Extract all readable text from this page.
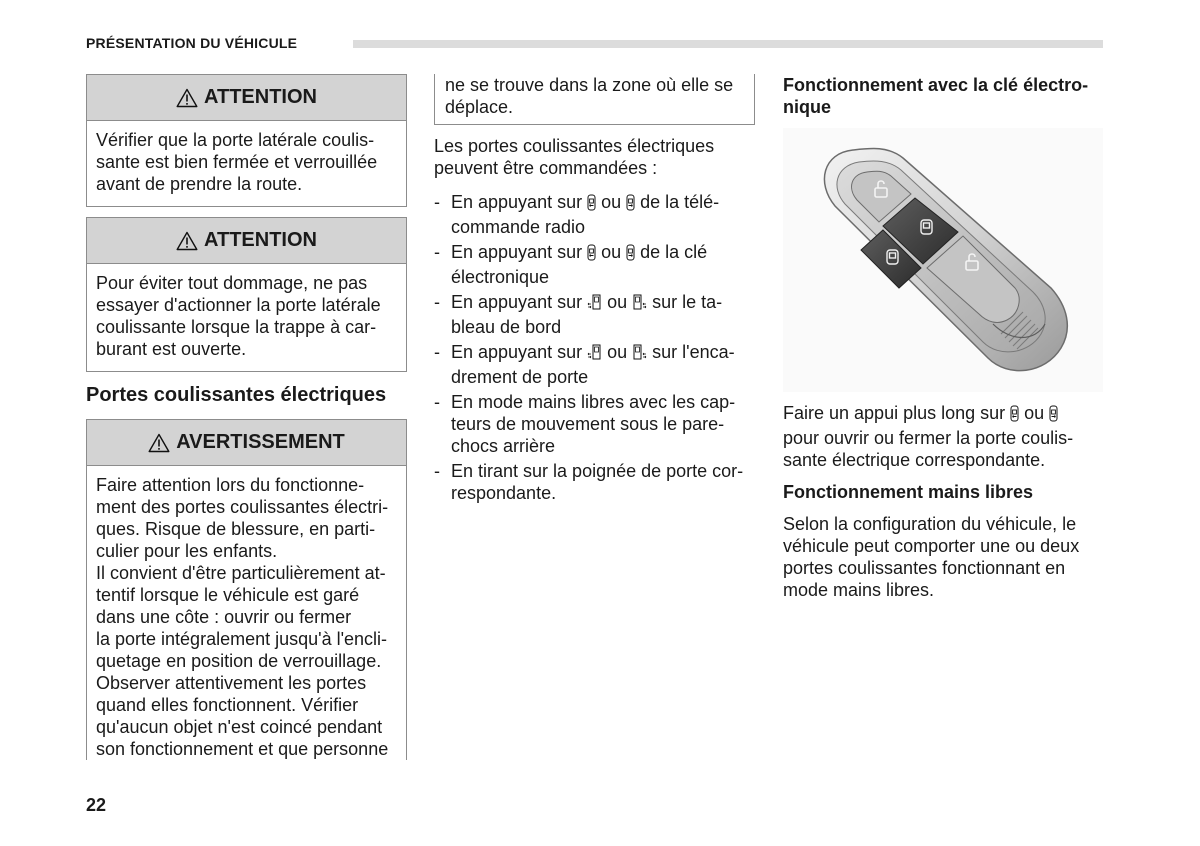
PRÉSENTATION DU VÉHICULE
ATTENTION
Vérifier que la porte latérale coulis-
sante est bien fermée et verrouillée
avant de prendre la route.
ATTENTION
Pour éviter tout dommage, ne pas
essayer d'actionner la porte latérale
coulissante lorsque la trappe à car-
burant est ouverte.
Portes coulissantes électriques
AVERTISSEMENT
Faire attention lors du fonctionne-
ment des portes coulissantes électri-
ques. Risque de blessure, en parti-
culier pour les enfants.
Il convient d'être particulièrement at-
tentif lorsque le véhicule est garé
dans une côte : ouvrir ou fermer
la porte intégralement jusqu'à l'encli-
quetage en position de verrouillage.
Observer attentivement les portes
quand elles fonctionnent. Vérifier
qu'aucun objet n'est coincé pendant
son fonctionnement et que personne
ne se trouve dans la zone où elle se
déplace.
Les portes coulissantes électriques
peuvent être commandées :
- En appuyant sur  ou  de la télé-
commande radio
- En appuyant sur  ou  de la clé
électronique
- En appuyant sur  ou  sur le ta-
bleau de bord
- En appuyant sur  ou  sur l'enca-
drement de porte
- En mode mains libres avec les cap-
teurs de mouvement sous le pare-
chocs arrière
- En tirant sur la poignée de porte cor-
respondante.
Fonctionnement avec la clé électro-
nique
Faire un appui plus long sur  ou
pour ouvrir ou fermer la porte coulis-
sante électrique correspondante.
Fonctionnement mains libres
Selon la configuration du véhicule, le
véhicule peut comporter une ou deux
portes coulissantes fonctionnant en
mode mains libres.
22
